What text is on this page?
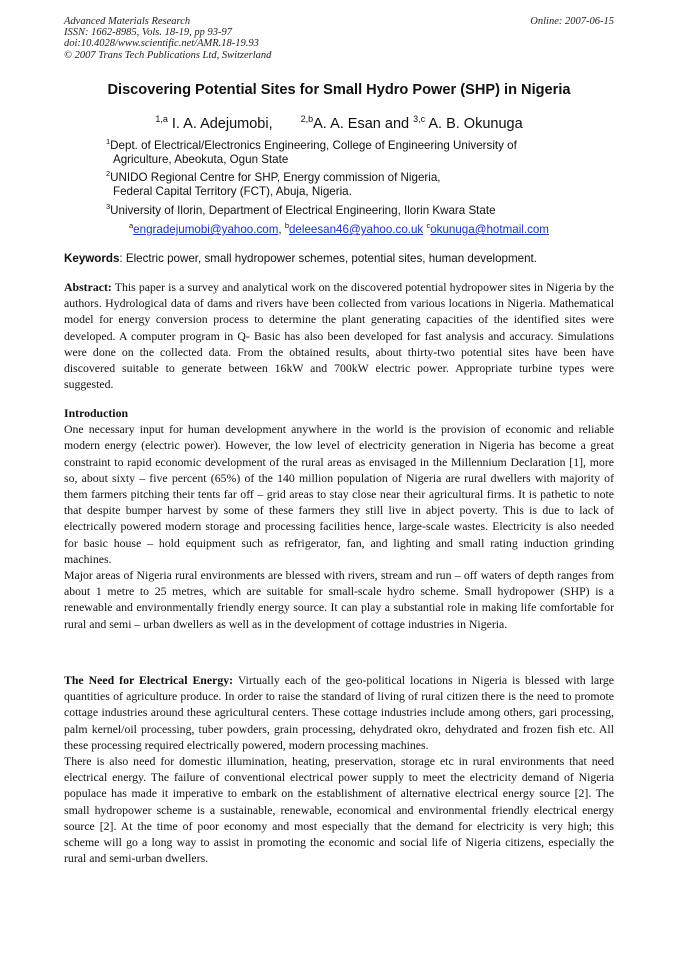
Advanced Materials Research
ISSN: 1662-8985, Vols. 18-19, pp 93-97
doi:10.4028/www.scientific.net/AMR.18-19.93
© 2007 Trans Tech Publications Ltd, Switzerland
Online: 2007-06-15
Discovering Potential Sites for Small Hydro Power (SHP) in Nigeria
$^{1,a}$ I. A. Adejumobi,	$^{2,b}$A. A. Esan and $^{3,c}$ A. B. Okunuga
$^1$Dept. of Electrical/Electronics Engineering, College of Engineering University of
Agriculture, Abeokuta, Ogun State
$^2$UNIDO Regional Centre for SHP, Energy commission of Nigeria,
Federal Capital Territory (FCT), Abuja, Nigeria.
$^3$University of Ilorin, Department of Electrical Engineering, Ilorin Kwara State
$^a$engradejumobi@yahoo.com, $^b$deleesan46@yahoo.co.uk $^c$okunuga@hotmail.com
Keywords: Electric power, small hydropower schemes, potential sites, human development.
Abstract: This paper is a survey and analytical work on the discovered potential hydropower sites in Nigeria by the authors. Hydrological data of dams and rivers have been collected from various locations in Nigeria. Mathematical model for energy conversion process to determine the plant generating capacities of the identified sites were developed. A computer program in Q- Basic has also been developed for fast analysis and accuracy. Simulations were done on the collected data. From the obtained results, about thirty-two potential sites have been have discovered suitable to generate between 16kW and 700kW electric power. Appropriate turbine types were suggested.
Introduction
One necessary input for human development anywhere in the world is the provision of economic and reliable modern energy (electric power). However, the low level of electricity generation in Nigeria has become a great constraint to rapid economic development of the rural areas as envisaged in the Millennium Declaration [1], more so, about sixty – five percent (65%) of the 140 million population of Nigeria are rural dwellers with majority of them farmers pitching their tents far off – grid areas to stay close near their agricultural firms. It is pathetic to note that despite bumper harvest by some of these farmers they still live in abject poverty. This is due to lack of electrically powered modern storage and processing facilities hence, large-scale wastes. Electricity is also needed for basic house – hold equipment such as refrigerator, fan, and lighting and small rating induction grinding machines.
Major areas of Nigeria rural environments are blessed with rivers, stream and run – off waters of depth ranges from about 1 metre to 25 metres, which are suitable for small-scale hydro scheme. Small hydropower (SHP) is a renewable and environmentally friendly energy source. It can play a substantial role in making life comfortable for rural and semi – urban dwellers as well as in the development of cottage industries in Nigeria.
The Need for Electrical Energy: Virtually each of the geo-political locations in Nigeria is blessed with large quantities of agriculture produce. In order to raise the standard of living of rural citizen there is the need to promote cottage industries around these agricultural centers. These cottage industries include among others, gari processing, palm kernel/oil processing, tuber powders, grain processing, dehydrated okro, dehydrated and frozen fish etc. All these processing required electrically powered, modern processing machines.
There is also need for domestic illumination, heating, preservation, storage etc in rural environments that need electrical energy. The failure of conventional electrical power supply to meet the electricity demand of Nigeria populace has made it imperative to embark on the establishment of alternative electrical energy source [2]. The small hydropower scheme is a sustainable, renewable, economical and environmental friendly electrical energy source [2]. At the time of poor economy and most especially that the demand for electricity is very high; this scheme will go a long way to assist in promoting the economic and social life of Nigeria citizens, especially the rural and semi-urban dwellers.
